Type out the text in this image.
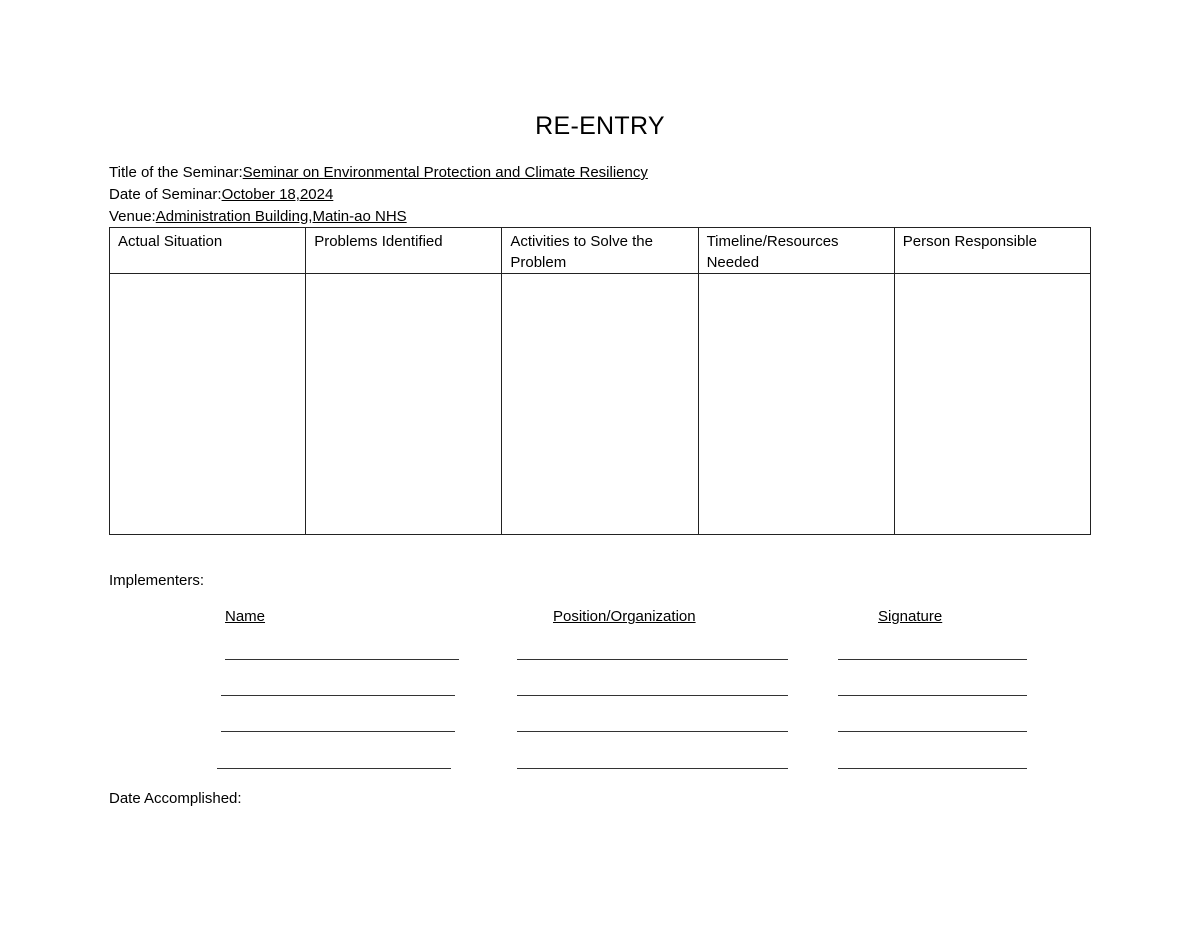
RE-ENTRY
Title of the Seminar:Seminar on Environmental Protection and Climate Resiliency
Date of Seminar:October 18,2024
Venue:Administration Building,Matin-ao NHS
Actual Situation	Problems Identified	Activities to Solve the Problem	Timeline/Resources Needed	Person Responsible

Implementers:
Name	Position/Organization	Signature
Date Accomplished:
